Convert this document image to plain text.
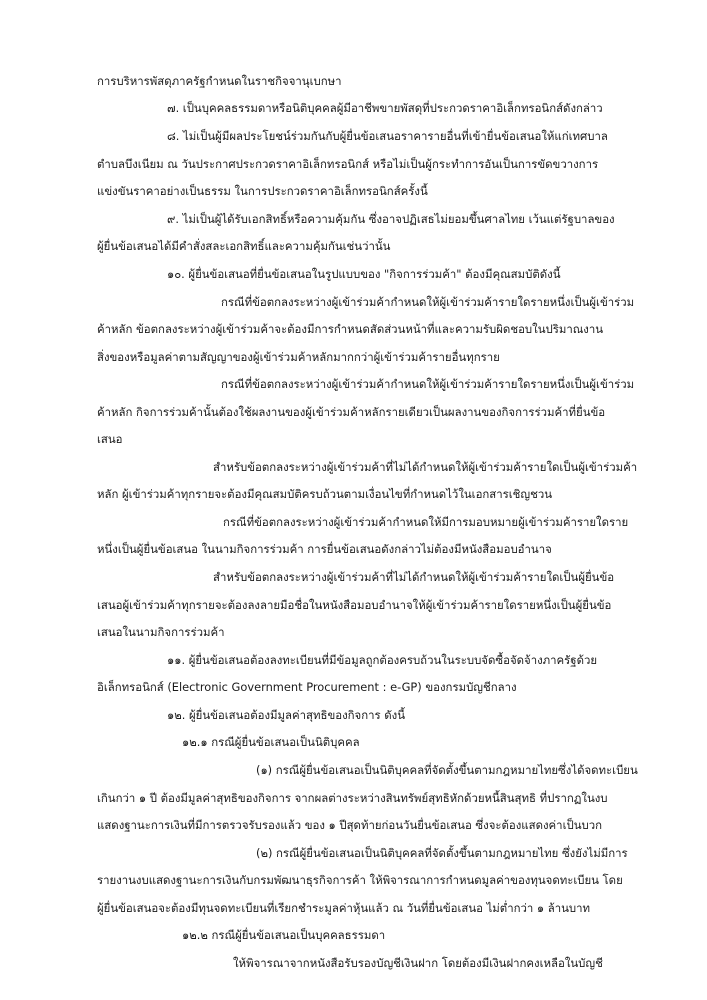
การบริหารพัสดุภาครัฐกำหนดในราชกิจจานุเบกษา

๗. เป็นบุคคลธรรมดาหรือนิติบุคคลผู้มีอาชีพขายพัสดุที่ประกวดราคาอิเล็กทรอนิกส์ดังกล่าว

๘. ไม่เป็นผู้มีผลประโยชน์ร่วมกันกับผู้ยื่นข้อเสนอราคารายอื่นที่เข้ายื่นข้อเสนอให้แก่เทศบาล

ตำบลบึงเนียม ณ วันประกาศประกวดราคาอิเล็กทรอนิกส์ หรือไม่เป็นผู้กระทำการอันเป็นการขัดขวางการ

แข่งขันราคาอย่างเป็นธรรม ในการประกวดราคาอิเล็กทรอนิกส์ครั้งนี้

๙. ไม่เป็นผู้ได้รับเอกสิทธิ์หรือความคุ้มกัน ซึ่งอาจปฏิเสธไม่ยอมขึ้นศาลไทย เว้นแต่รัฐบาลของ

ผู้ยื่นข้อเสนอได้มีคำสั่งสละเอกสิทธิ์และความคุ้มกันเช่นว่านั้น

๑๐. ผู้ยื่นข้อเสนอที่ยื่นข้อเสนอในรูปแบบของ "กิจการร่วมค้า" ต้องมีคุณสมบัติดังนี้

กรณีที่ข้อตกลงระหว่างผู้เข้าร่วมค้ากำหนดให้ผู้เข้าร่วมค้ารายใดรายหนึ่งเป็นผู้เข้าร่วม

ค้าหลัก ข้อตกลงระหว่างผู้เข้าร่วมค้าจะต้องมีการกำหนดสัดส่วนหน้าที่และความรับผิดชอบในปริมาณงาน

สิ่งของหรือมูลค่าตามสัญญาของผู้เข้าร่วมค้าหลักมากกว่าผู้เข้าร่วมค้ารายอื่นทุกราย

กรณีที่ข้อตกลงระหว่างผู้เข้าร่วมค้ากำหนดให้ผู้เข้าร่วมค้ารายใดรายหนึ่งเป็นผู้เข้าร่วม

ค้าหลัก กิจการร่วมค้านั้นต้องใช้ผลงานของผู้เข้าร่วมค้าหลักรายเดียวเป็นผลงานของกิจการร่วมค้าที่ยื่นข้อ

เสนอ

สำหรับข้อตกลงระหว่างผู้เข้าร่วมค้าที่ไม่ได้กำหนดให้ผู้เข้าร่วมค้ารายใดเป็นผู้เข้าร่วมค้า

หลัก ผู้เข้าร่วมค้าทุกรายจะต้องมีคุณสมบัติครบถ้วนตามเงื่อนไขที่กำหนดไว้ในเอกสารเชิญชวน

กรณีที่ข้อตกลงระหว่างผู้เข้าร่วมค้ากำหนดให้มีการมอบหมายผู้เข้าร่วมค้ารายใดราย

หนึ่งเป็นผู้ยื่นข้อเสนอ ในนามกิจการร่วมค้า การยื่นข้อเสนอดังกล่าวไม่ต้องมีหนังสือมอบอำนาจ

สำหรับข้อตกลงระหว่างผู้เข้าร่วมค้าที่ไม่ได้กำหนดให้ผู้เข้าร่วมค้ารายใดเป็นผู้ยื่นข้อ

เสนอผู้เข้าร่วมค้าทุกรายจะต้องลงลายมือชื่อในหนังสือมอบอำนาจให้ผู้เข้าร่วมค้ารายใดรายหนึ่งเป็นผู้ยื่นข้อ

เสนอในนามกิจการร่วมค้า

๑๑. ผู้ยื่นข้อเสนอต้องลงทะเบียนที่มีข้อมูลถูกต้องครบถ้วนในระบบจัดซื้อจัดจ้างภาครัฐด้วย

อิเล็กทรอนิกส์ (Electronic Government Procurement : e-GP) ของกรมบัญชีกลาง

๑๒. ผู้ยื่นข้อเสนอต้องมีมูลค่าสุทธิของกิจการ ดังนี้

๑๒.๑ กรณีผู้ยื่นข้อเสนอเป็นนิติบุคคล

(๑) กรณีผู้ยื่นข้อเสนอเป็นนิติบุคคลที่จัดตั้งขึ้นตามกฎหมายไทยซึ่งได้จดทะเบียน

เกินกว่า ๑ ปี ต้องมีมูลค่าสุทธิของกิจการ จากผลต่างระหว่างสินทรัพย์สุทธิหักด้วยหนี้สินสุทธิ ที่ปรากฏในงบ

แสดงฐานะการเงินที่มีการตรวจรับรองแล้ว ของ ๑ ปีสุดท้ายก่อนวันยื่นข้อเสนอ ซึ่งจะต้องแสดงค่าเป็นบวก

(๒) กรณีผู้ยื่นข้อเสนอเป็นนิติบุคคลที่จัดตั้งขึ้นตามกฎหมายไทย ซึ่งยังไม่มีการ

รายงานงบแสดงฐานะการเงินกับกรมพัฒนาธุรกิจการค้า ให้พิจารณาการกำหนดมูลค่าของทุนจดทะเบียน โดย

ผู้ยื่นข้อเสนอจะต้องมีทุนจดทะเบียนที่เรียกชำระมูลค่าหุ้นแล้ว ณ วันที่ยื่นข้อเสนอ ไม่ต่ำกว่า ๑ ล้านบาท

๑๒.๒ กรณีผู้ยื่นข้อเสนอเป็นบุคคลธรรมดา

ให้พิจารณาจากหนังสือรับรองบัญชีเงินฝาก โดยต้องมีเงินฝากคงเหลือในบัญชี
